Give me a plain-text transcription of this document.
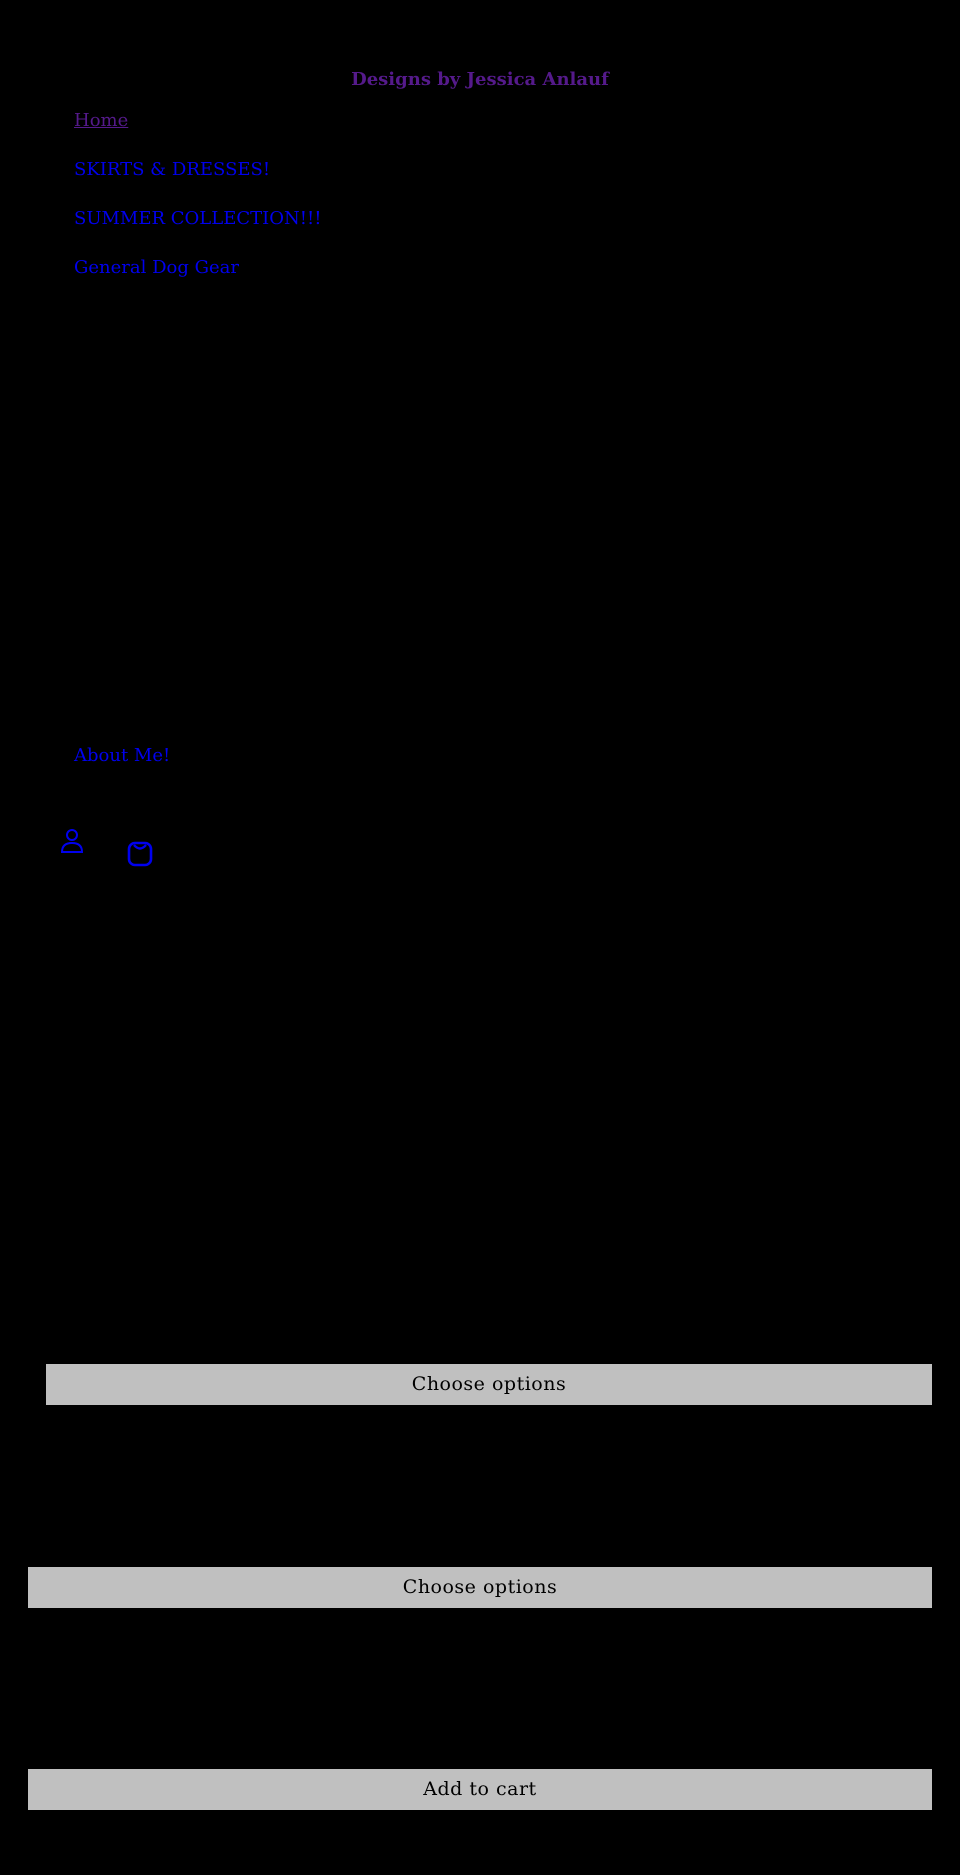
Designs by Jessica Anlauf
Home
SKIRTS & DRESSES!
SUMMER COLLECTION!!!
General Dog Gear
About Me!
Choose options
Choose options
Add to cart
